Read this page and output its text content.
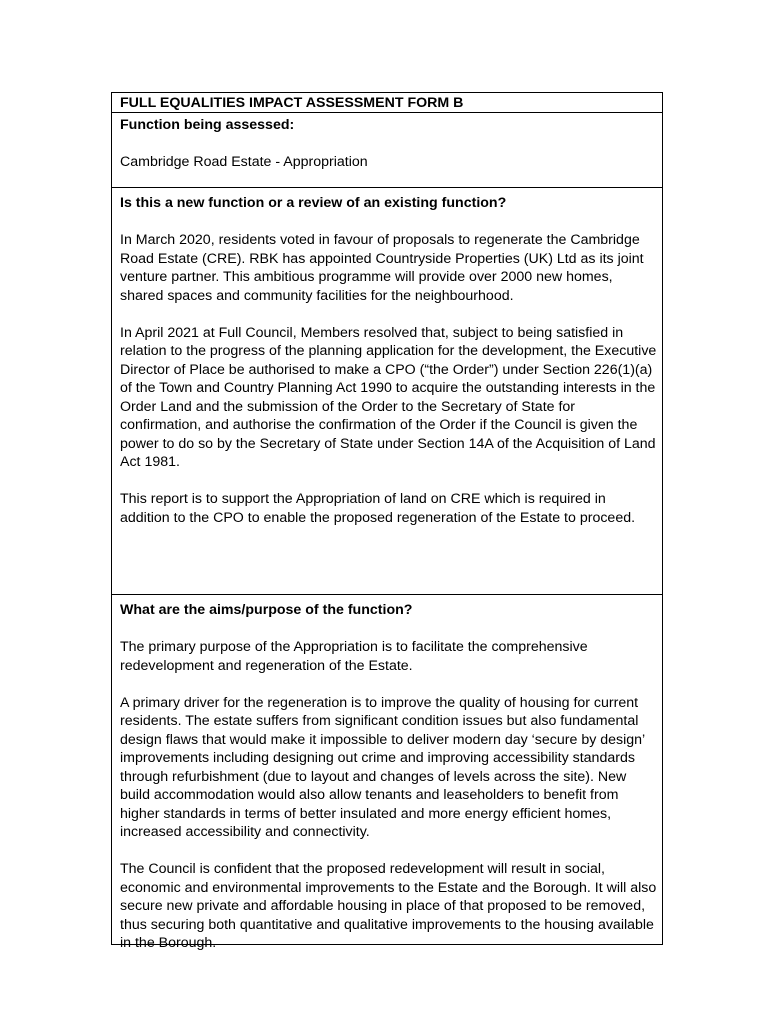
FULL EQUALITIES IMPACT ASSESSMENT FORM B

Function being assessed:

Cambridge Road Estate - Appropriation

Is this a new function or a review of an existing function?

In March 2020, residents voted in favour of proposals to regenerate the Cambridge Road Estate (CRE). RBK has appointed Countryside Properties (UK) Ltd as its joint venture partner. This ambitious programme will provide over 2000 new homes, shared spaces and community facilities for the neighbourhood.

In April 2021 at Full Council, Members resolved that, subject to being satisfied in relation to the progress of the planning application for the development, the Executive Director of Place be authorised to make a CPO (“the Order”) under Section 226(1)(a) of the Town and Country Planning Act 1990 to acquire the outstanding interests in the Order Land and the submission of the Order to the Secretary of State for confirmation, and authorise the confirmation of the Order if the Council is given the power to do so by the Secretary of State under Section 14A of the Acquisition of Land Act 1981.

This report is to support the Appropriation of land on CRE which is required in addition to the CPO to enable the proposed regeneration of the Estate to proceed.

What are the aims/purpose of the function?

The primary purpose of the Appropriation is to facilitate the comprehensive redevelopment and regeneration of the Estate.

A primary driver for the regeneration is to improve the quality of housing for current residents. The estate suffers from significant condition issues but also fundamental design flaws that would make it impossible to deliver modern day ‘secure by design’ improvements including designing out crime and improving accessibility standards through refurbishment (due to layout and changes of levels across the site). New build accommodation would also allow tenants and leaseholders to benefit from higher standards in terms of better insulated and more energy efficient homes, increased accessibility and connectivity.

The Council is confident that the proposed redevelopment will result in social, economic and environmental improvements to the Estate and the Borough. It will also secure new private and affordable housing in place of that proposed to be removed, thus securing both quantitative and qualitative improvements to the housing available in the Borough.
